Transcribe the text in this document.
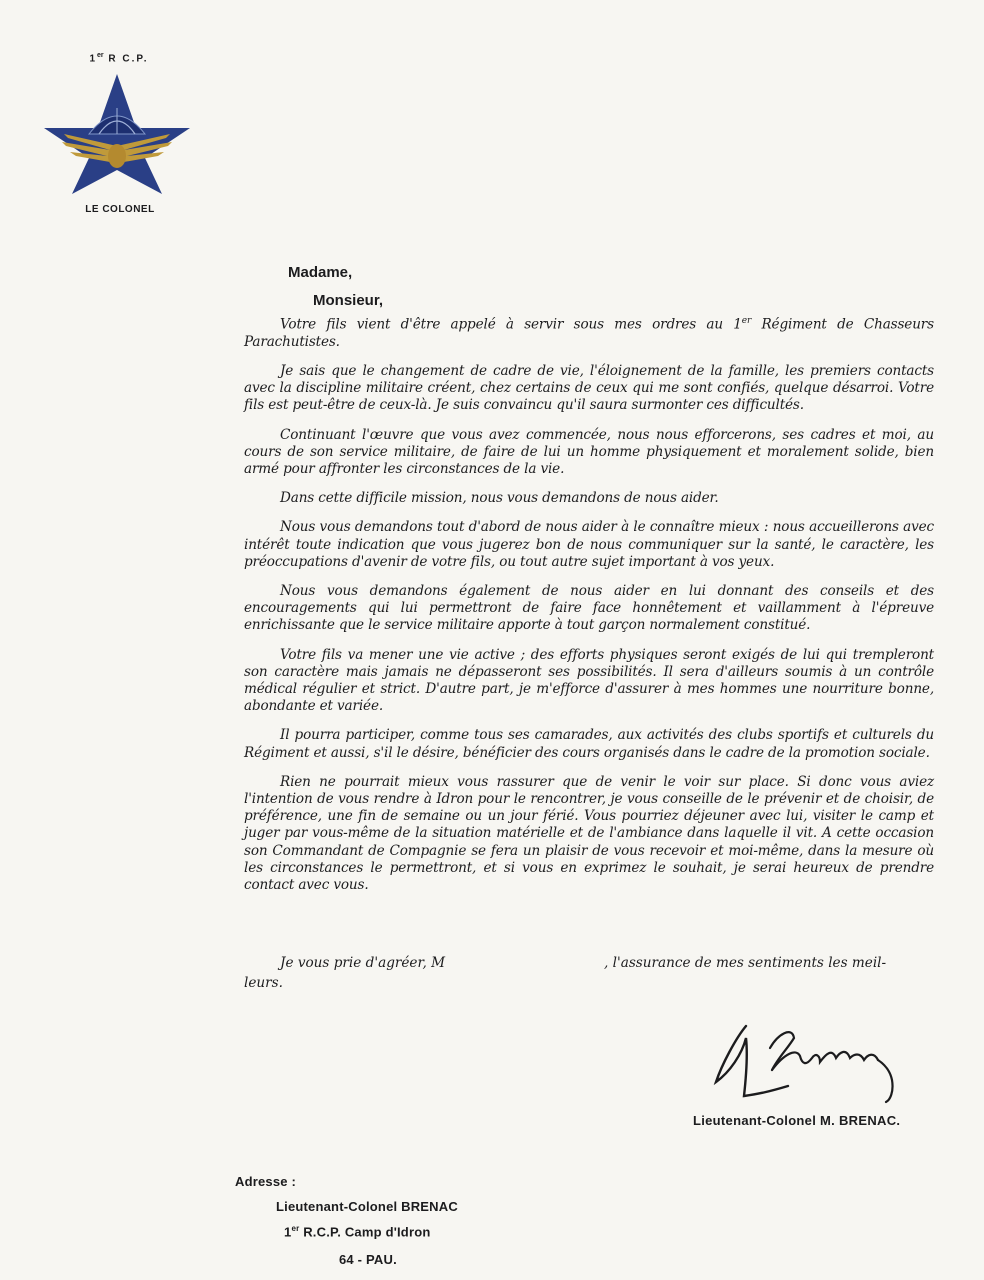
1er R C.P.
LE COLONEL
Madame,
Monsieur,

Votre fils vient d'être appelé à servir sous mes ordres au 1er Régiment de Chasseurs Parachutistes.

Je sais que le changement de cadre de vie, l'éloignement de la famille, les premiers contacts avec la discipline militaire créent, chez certains de ceux qui me sont confiés, quelque désarroi. Votre fils est peut-être de ceux-là. Je suis convaincu qu'il saura surmonter ces difficultés.

Continuant l'œuvre que vous avez commencée, nous nous efforcerons, ses cadres et moi, au cours de son service militaire, de faire de lui un homme physiquement et moralement solide, bien armé pour affronter les circonstances de la vie.

Dans cette difficile mission, nous vous demandons de nous aider.

Nous vous demandons tout d'abord de nous aider à le connaître mieux : nous accueillerons avec intérêt toute indication que vous jugerez bon de nous communiquer sur la santé, le caractère, les préoccupations d'avenir de votre fils, ou tout autre sujet important à vos yeux.

Nous vous demandons également de nous aider en lui donnant des conseils et des encouragements qui lui permettront de faire face honnêtement et vaillamment à l'épreuve enrichissante que le service militaire apporte à tout garçon normalement constitué.

Votre fils va mener une vie active ; des efforts physiques seront exigés de lui qui trempleront son caractère mais jamais ne dépasseront ses possibilités. Il sera d'ailleurs soumis à un contrôle médical régulier et strict. D'autre part, je m'efforce d'assurer à mes hommes une nourriture bonne, abondante et variée.

Il pourra participer, comme tous ses camarades, aux activités des clubs sportifs et culturels du Régiment et aussi, s'il le désire, bénéficier des cours organisés dans le cadre de la promotion sociale.

Rien ne pourrait mieux vous rassurer que de venir le voir sur place. Si donc vous aviez l'intention de vous rendre à Idron pour le rencontrer, je vous conseille de le prévenir et de choisir, de préférence, une fin de semaine ou un jour férié. Vous pourriez déjeuner avec lui, visiter le camp et juger par vous-même de la situation matérielle et de l'ambiance dans laquelle il vit. A cette occasion son Commandant de Compagnie se fera un plaisir de vous recevoir et moi-même, dans la mesure où les circonstances le permettront, et si vous en exprimez le souhait, je serai heureux de prendre contact avec vous.

Je vous prie d'agréer, M	, l'assurance de mes sentiments les meil-
leurs.
Lieutenant-Colonel M. BRENAC.
Adresse :
Lieutenant-Colonel BRENAC
1er R.C.P. Camp d'Idron
64 - PAU.
